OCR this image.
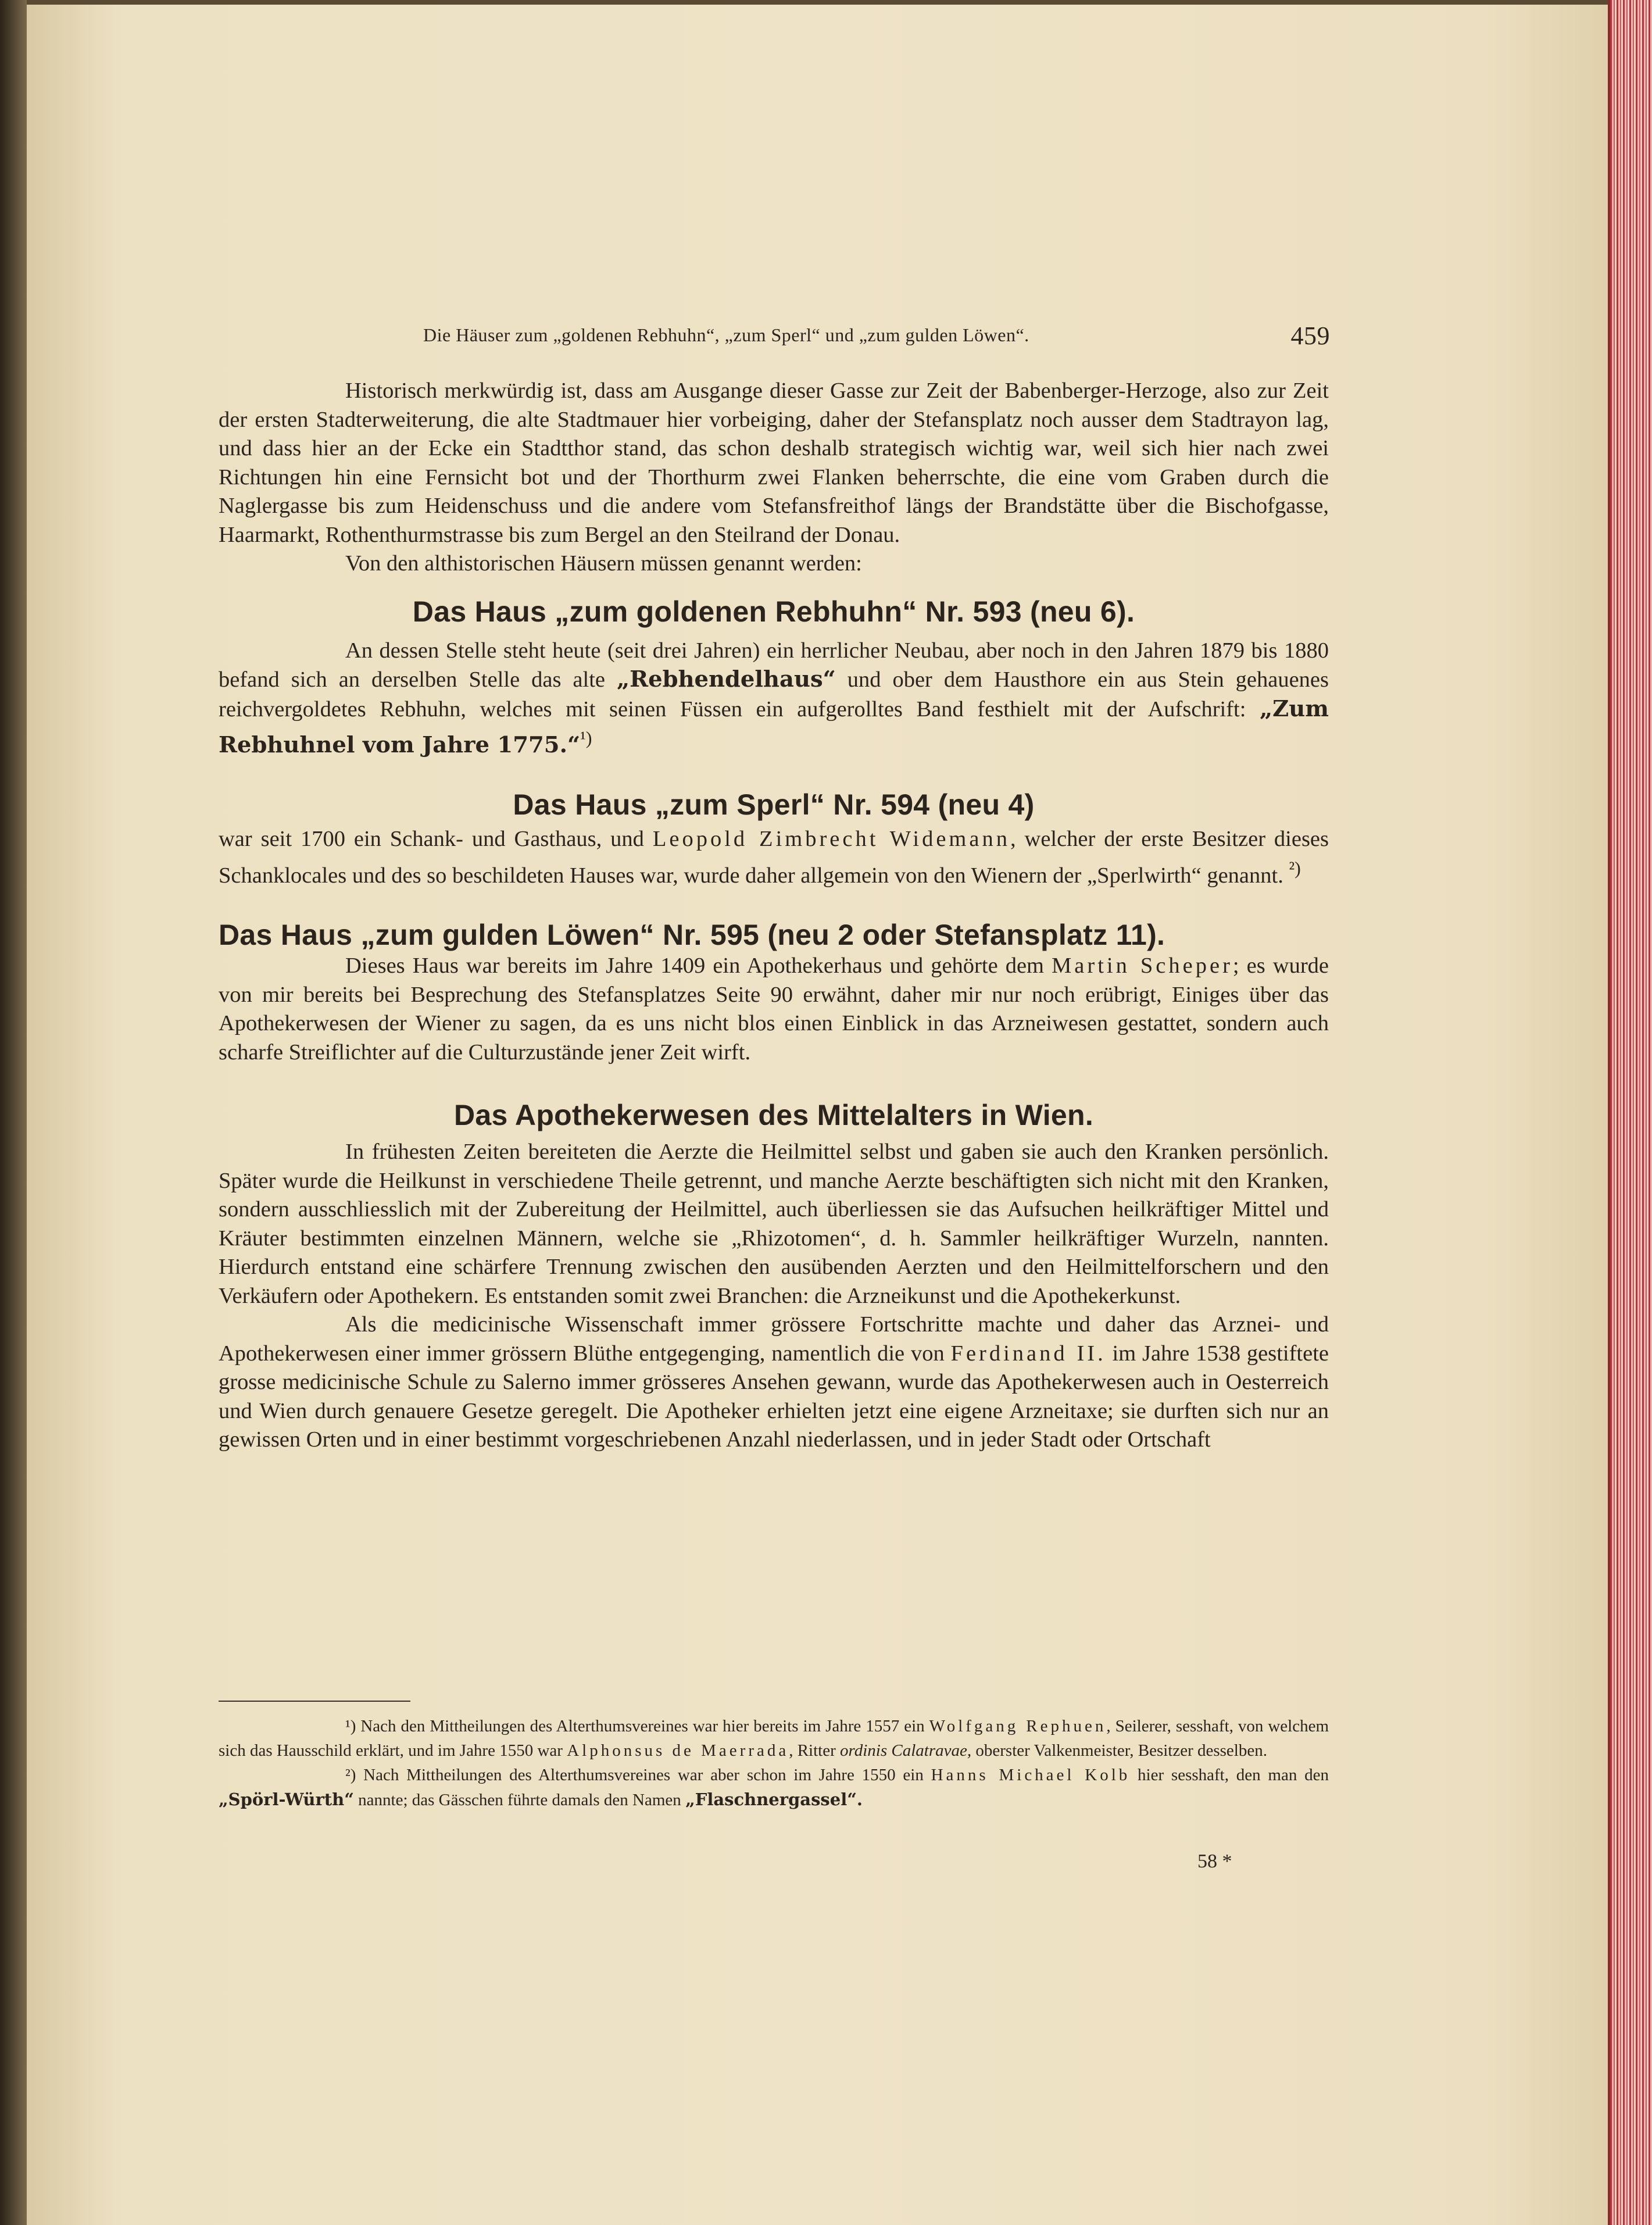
Die Häuser zum „goldenen Rebhuhn“, „zum Sperl“ und „zum gulden Löwen“.	459

Historisch merkwürdig ist, dass am Ausgange dieser Gasse zur Zeit der Babenberger-Herzoge, also zur Zeit der ersten Stadterweiterung, die alte Stadtmauer hier vorbeiging, daher der Stefansplatz noch ausser dem Stadtrayon lag, und dass hier an der Ecke ein Stadtthor stand, das schon deshalb strategisch wichtig war, weil sich hier nach zwei Richtungen hin eine Fernsicht bot und der Thorthurm zwei Flanken beherrschte, die eine vom Graben durch die Naglergasse bis zum Heidenschuss und die andere vom Stefansfreithof längs der Brandstätte über die Bischofgasse, Haarmarkt, Rothenthurmstrasse bis zum Bergel an den Steilrand der Donau.

Von den althistorischen Häusern müssen genannt werden:

Das Haus „zum goldenen Rebhuhn“ Nr. 593 (neu 6).

An dessen Stelle steht heute (seit drei Jahren) ein herrlicher Neubau, aber noch in den Jahren 1879 bis 1880 befand sich an derselben Stelle das alte „Rebhendelhaus“ und ober dem Hausthore ein aus Stein gehauenes reichvergoldetes Rebhuhn, welches mit seinen Füssen ein aufgerolltes Band festhielt mit der Aufschrift: „Zum Rebhuhnel vom Jahre 1775.“$^{^1)}$

Das Haus „zum Sperl“ Nr. 594 (neu 4)

war seit 1700 ein Schank- und Gasthaus, und Leopold Zimbrecht Widemann, welcher der erste Besitzer dieses Schanklocales und des so beschildeten Hauses war, wurde daher allgemein von den Wienern der „Sperlwirth“ genannt. $^{^2)}$

Das Haus „zum gulden Löwen“ Nr. 595 (neu 2 oder Stefansplatz 11).

Dieses Haus war bereits im Jahre 1409 ein Apothekerhaus und gehörte dem Martin Scheper; es wurde von mir bereits bei Besprechung des Stefansplatzes Seite 90 erwähnt, daher mir nur noch erübrigt, Einiges über das Apothekerwesen der Wiener zu sagen, da es uns nicht blos einen Einblick in das Arzneiwesen gestattet, sondern auch scharfe Streiflichter auf die Culturzustände jener Zeit wirft.

Das Apothekerwesen des Mittelalters in Wien.

In frühesten Zeiten bereiteten die Aerzte die Heilmittel selbst und gaben sie auch den Kranken persönlich. Später wurde die Heilkunst in verschiedene Theile getrennt, und manche Aerzte beschäftigten sich nicht mit den Kranken, sondern ausschliesslich mit der Zubereitung der Heilmittel, auch überliessen sie das Aufsuchen heilkräftiger Mittel und Kräuter bestimmten einzelnen Männern, welche sie „Rhizotomen“, d. h. Sammler heilkräftiger Wurzeln, nannten. Hierdurch entstand eine schärfere Trennung zwischen den ausübenden Aerzten und den Heilmittelforschern und den Verkäufern oder Apothekern. Es entstanden somit zwei Branchen: die Arzneikunst und die Apothekerkunst.

Als die medicinische Wissenschaft immer grössere Fortschritte machte und daher das Arznei- und Apothekerwesen einer immer grössern Blüthe entgegenging, namentlich die von Ferdinand II. im Jahre 1538 gestiftete grosse medicinische Schule zu Salerno immer grösseres Ansehen gewann, wurde das Apothekerwesen auch in Oesterreich und Wien durch genauere Gesetze geregelt. Die Apotheker erhielten jetzt eine eigene Arzneitaxe; sie durften sich nur an gewissen Orten und in einer bestimmt vorgeschriebenen Anzahl niederlassen, und in jeder Stadt oder Ortschaft

¹) Nach den Mittheilungen des Alterthumsvereines war hier bereits im Jahre 1557 ein Wolfgang Rephuen, Seilerer, sesshaft, von welchem sich das Hausschild erklärt, und im Jahre 1550 war Alphonsus de Maerrada, Ritter ordinis Calatravae, oberster Valkenmeister, Besitzer desselben.

²) Nach Mittheilungen des Alterthumsvereines war aber schon im Jahre 1550 ein Hanns Michael Kolb hier sesshaft, den man den „Spörl-Würth“ nannte; das Gässchen führte damals den Namen „Flaschnergassel“.

58 *
